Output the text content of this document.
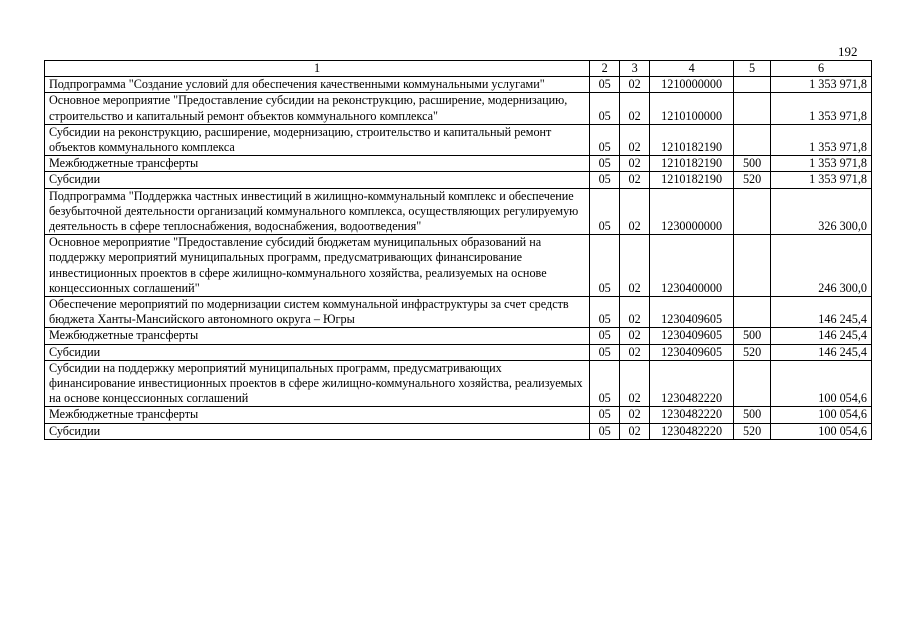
192
1	2	3	4	5	6
Подпрограмма "Создание условий для обеспечения качественными коммунальными услугами"	05	02	1210000000		1 353 971,8
Основное мероприятие "Предоставление субсидии на реконструкцию, расширение, модернизацию, строительство и капитальный ремонт объектов коммунального комплекса"	05	02	1210100000		1 353 971,8
Субсидии на реконструкцию, расширение, модернизацию, строительство и капитальный ремонт объектов коммунального комплекса	05	02	1210182190		1 353 971,8
Межбюджетные трансферты	05	02	1210182190	500	1 353 971,8
Субсидии	05	02	1210182190	520	1 353 971,8
Подпрограмма "Поддержка частных инвестиций в жилищно-коммунальный комплекс и обеспечение безубыточной деятельности организаций коммунального комплекса, осуществляющих регулируемую деятельность в сфере теплоснабжения, водоснабжения, водоотведения"	05	02	1230000000		326 300,0
Основное мероприятие "Предоставление субсидий бюджетам муниципальных образований на поддержку мероприятий муниципальных программ, предусматривающих финансирование инвестиционных проектов в сфере жилищно-коммунального хозяйства, реализуемых на основе концессионных соглашений"	05	02	1230400000		246 300,0
Обеспечение мероприятий по модернизации систем коммунальной инфраструктуры за счет средств бюджета Ханты-Мансийского автономного округа – Югры	05	02	1230409605		146 245,4
Межбюджетные трансферты	05	02	1230409605	500	146 245,4
Субсидии	05	02	1230409605	520	146 245,4
Субсидии на поддержку мероприятий муниципальных программ, предусматривающих финансирование инвестиционных проектов в сфере жилищно-коммунального хозяйства, реализуемых на основе концессионных соглашений	05	02	1230482220		100 054,6
Межбюджетные трансферты	05	02	1230482220	500	100 054,6
Субсидии	05	02	1230482220	520	100 054,6
